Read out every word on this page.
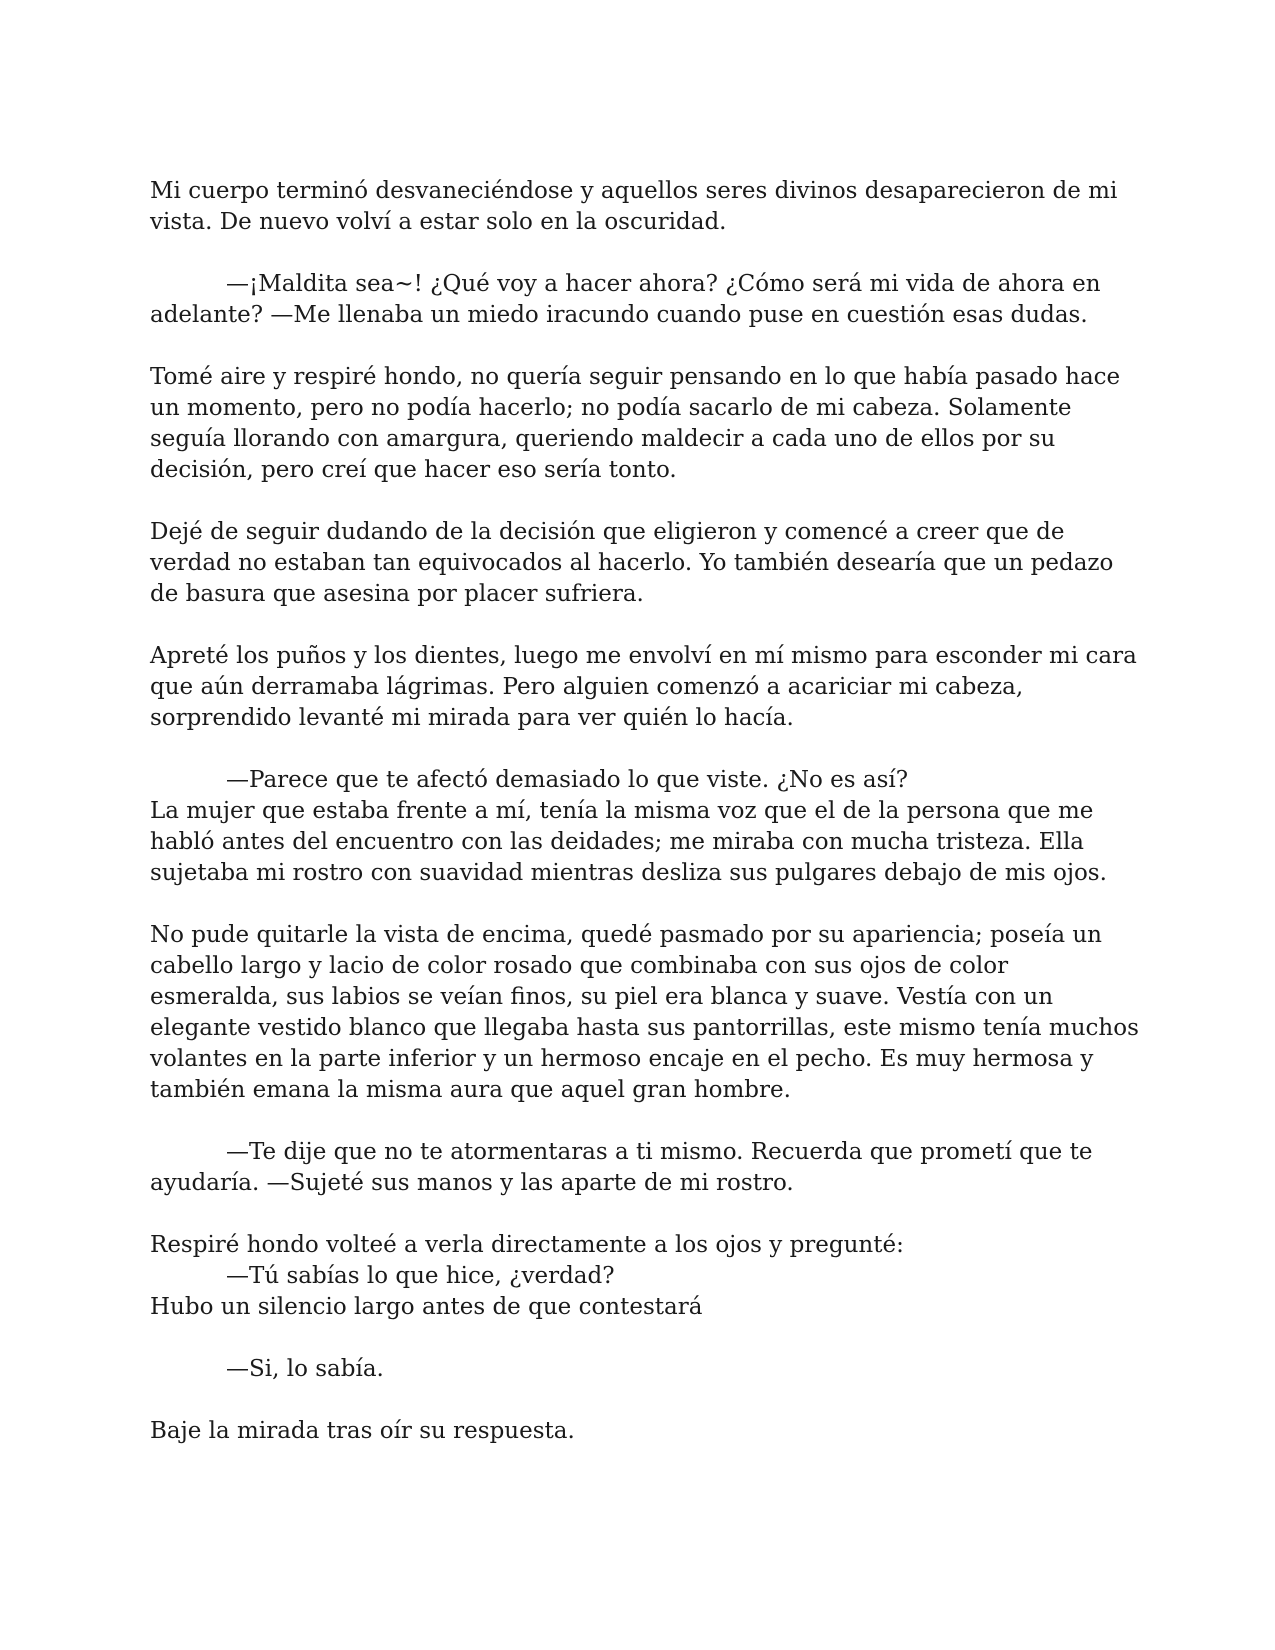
Mi cuerpo terminó desvaneciéndose y aquellos seres divinos desaparecieron de mi vista. De nuevo volví a estar solo en la oscuridad.

—¡Maldita sea~! ¿Qué voy a hacer ahora? ¿Cómo será mi vida de ahora en adelante? —Me llenaba un miedo iracundo cuando puse en cuestión esas dudas.

Tomé aire y respiré hondo, no quería seguir pensando en lo que había pasado hace un momento, pero no podía hacerlo; no podía sacarlo de mi cabeza. Solamente seguía llorando con amargura, queriendo maldecir a cada uno de ellos por su decisión, pero creí que hacer eso sería tonto.

Dejé de seguir dudando de la decisión que eligieron y comencé a creer que de verdad no estaban tan equivocados al hacerlo. Yo también desearía que un pedazo de basura que asesina por placer sufriera.

Apreté los puños y los dientes, luego me envolví en mí mismo para esconder mi cara que aún derramaba lágrimas. Pero alguien comenzó a acariciar mi cabeza, sorprendido levanté mi mirada para ver quién lo hacía.

—Parece que te afectó demasiado lo que viste. ¿No es así?

La mujer que estaba frente a mí, tenía la misma voz que el de la persona que me habló antes del encuentro con las deidades; me miraba con mucha tristeza. Ella sujetaba mi rostro con suavidad mientras desliza sus pulgares debajo de mis ojos.

No pude quitarle la vista de encima, quedé pasmado por su apariencia; poseía un cabello largo y lacio de color rosado que combinaba con sus ojos de color esmeralda, sus labios se veían finos, su piel era blanca y suave. Vestía con un elegante vestido blanco que llegaba hasta sus pantorrillas, este mismo tenía muchos volantes en la parte inferior y un hermoso encaje en el pecho. Es muy hermosa y también emana la misma aura que aquel gran hombre.

—Te dije que no te atormentaras a ti mismo. Recuerda que prometí que te ayudaría. —Sujeté sus manos y las aparte de mi rostro.

Respiré hondo volteé a verla directamente a los ojos y pregunté:

—Tú sabías lo que hice, ¿verdad?

Hubo un silencio largo antes de que contestará

—Si, lo sabía.

Baje la mirada tras oír su respuesta.
